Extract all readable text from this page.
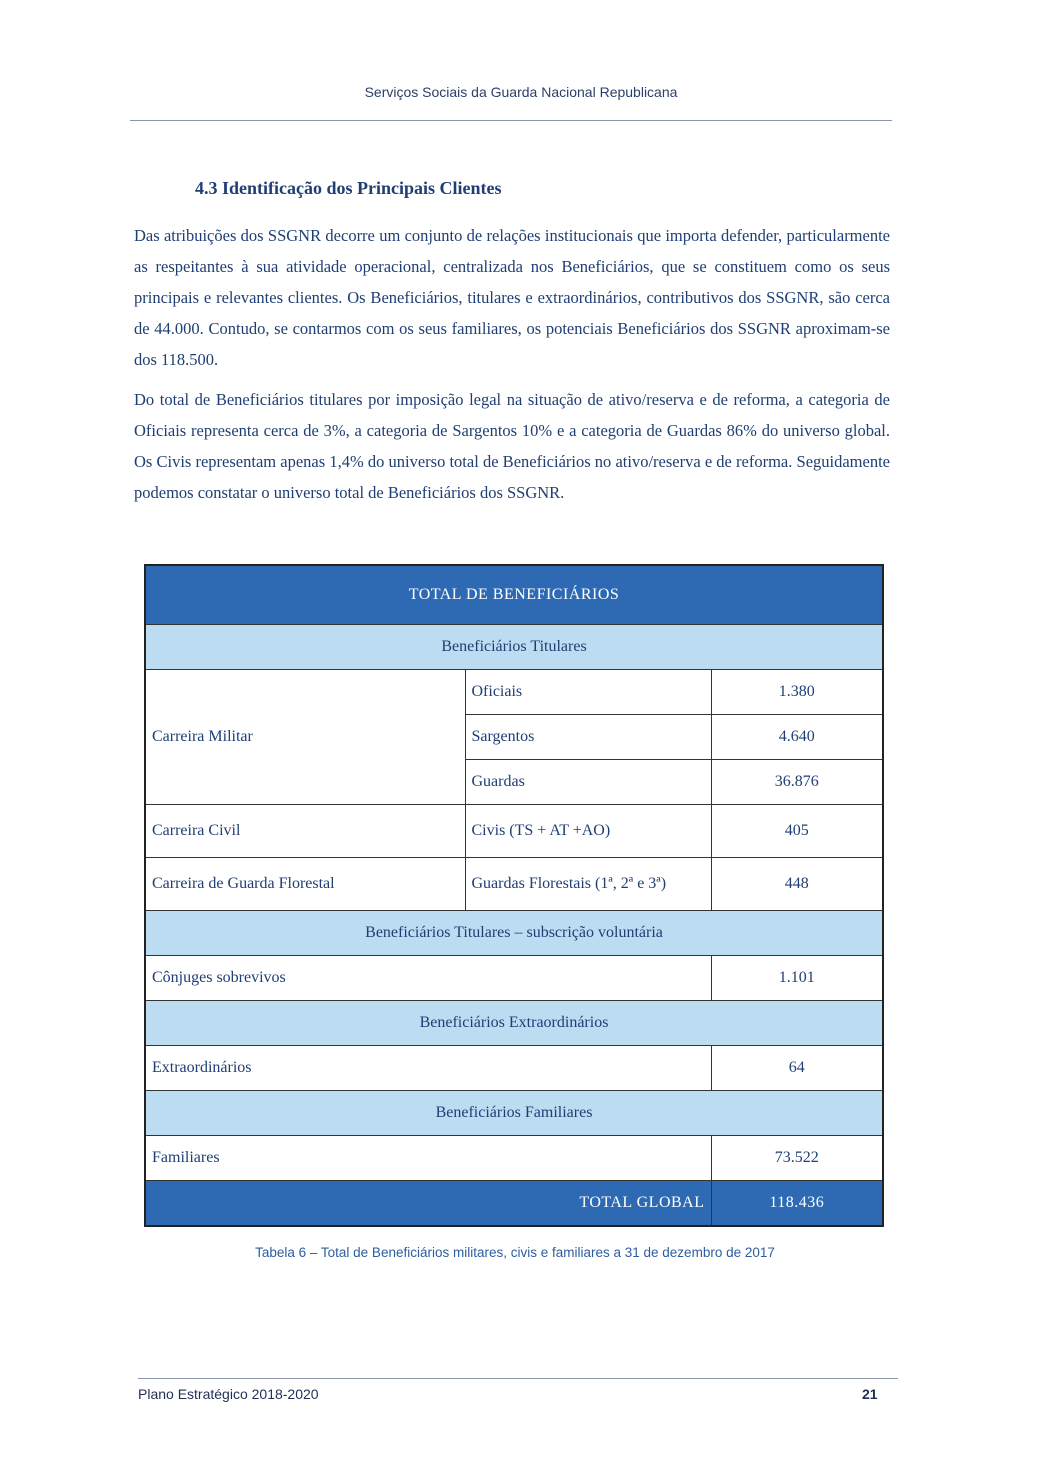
Serviços Sociais da Guarda Nacional Republicana
4.3 Identificação dos Principais Clientes

Das atribuições dos SSGNR decorre um conjunto de relações institucionais que importa defender, particularmente as respeitantes à sua atividade operacional, centralizada nos Beneficiários, que se constituem como os seus principais e relevantes clientes. Os Beneficiários, titulares e extraordinários, contributivos dos SSGNR, são cerca de 44.000. Contudo, se contarmos com os seus familiares, os potenciais Beneficiários dos SSGNR aproximam-se dos 118.500.

Do total de Beneficiários titulares por imposição legal na situação de ativo/reserva e de reforma, a categoria de Oficiais representa cerca de 3%, a categoria de Sargentos 10% e a categoria de Guardas 86% do universo global. Os Civis representam apenas 1,4% do universo total de Beneficiários no ativo/reserva e de reforma. Seguidamente podemos constatar o universo total de Beneficiários dos SSGNR.

TOTAL DE BENEFICIÁRIOS		
Beneficiários Titulares		
Carreira Militar	Oficiais	1.380
	Sargentos	4.640
	Guardas	36.876
Carreira Civil	Civis (TS + AT +AO)	405
Carreira de Guarda Florestal	Guardas Florestais (1ª, 2ª e 3ª)	448
Beneficiários Titulares – subscrição voluntária		
Cônjuges sobrevivos		1.101
Beneficiários Extraordinários		
Extraordinários		64
Beneficiários Familiares		
Familiares		73.522
TOTAL GLOBAL		118.436
Tabela 6 – Total de Beneficiários militares, civis e familiares a 31 de dezembro de 2017
Plano Estratégico 2018-2020	21
